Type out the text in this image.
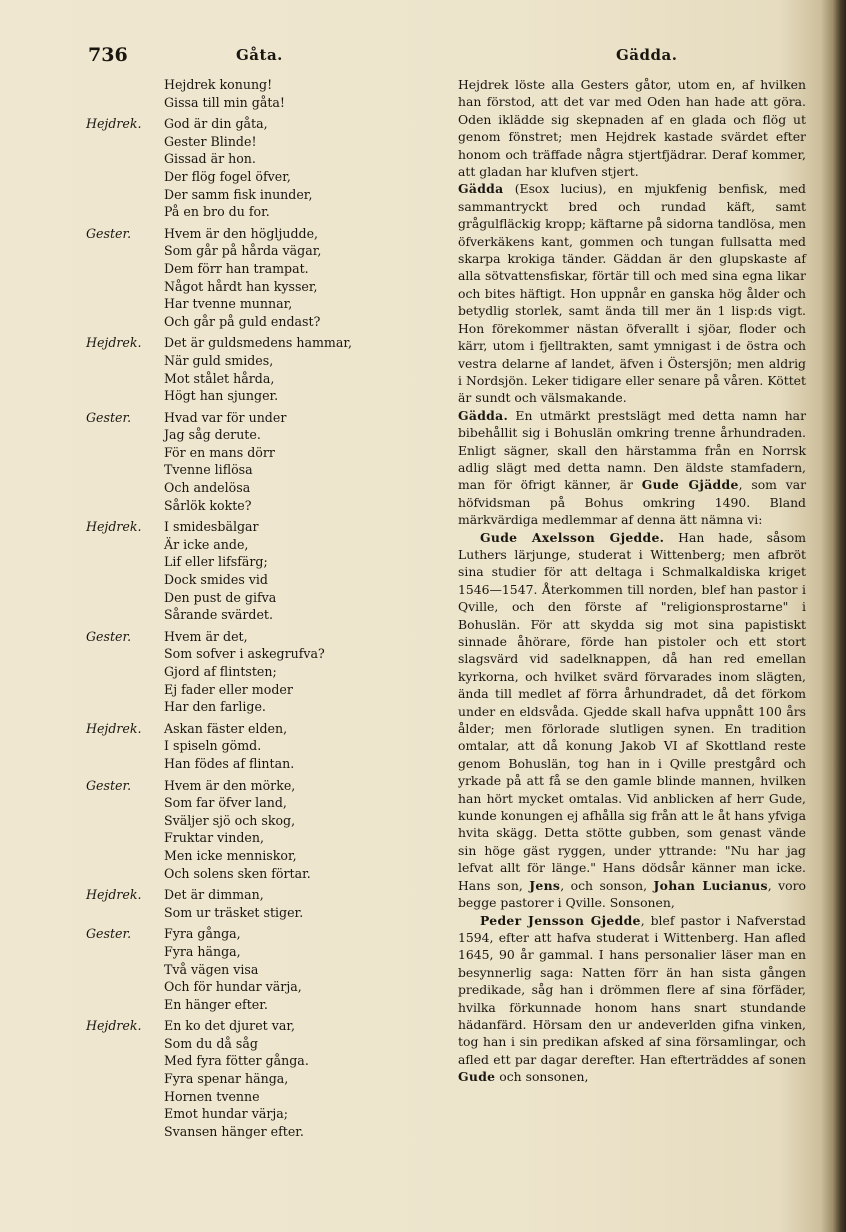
736	Gåta.	Gädda.
Hejdrek konung!
Gissa till min gåta!
Hejdrek.	God är din gåta,
Gester Blinde!
Gissad är hon.
Der flög fogel öfver,
Der samm fisk inunder,
På en bro du for.
Gester.	Hvem är den högljudde,
Som går på hårda vägar,
Dem förr han trampat.
Något hårdt han kysser,
Har tvenne munnar,
Och går på guld endast?
Hejdrek.	Det är guldsmedens hammar,
När guld smides,
Mot stålet hårda,
Högt han sjunger.
Gester.	Hvad var för under
Jag såg derute.
För en mans dörr
Tvenne liflösa
Och andelösa
Sårlök kokte?
Hejdrek.	I smidesbälgar
Är icke ande,
Lif eller lifsfärg;
Dock smides vid
Den pust de gifva
Sårande svärdet.
Gester.	Hvem är det,
Som sofver i askegrufva?
Gjord af flintsten;
Ej fader eller moder
Har den farlige.
Hejdrek.	Askan fäster elden,
I spiseln gömd.
Han födes af flintan.
Gester.	Hvem är den mörke,
Som far öfver land,
Sväljer sjö och skog,
Fruktar vinden,
Men icke menniskor,
Och solens sken förtar.
Hejdrek.	Det är dimman,
Som ur träsket stiger.
Gester.	Fyra gånga,
Fyra hänga,
Två vägen visa
Och för hundar värja,
En hänger efter.
Hejdrek.	En ko det djuret var,
Som du då såg
Med fyra fötter gånga.
Fyra spenar hänga,
Hornen tvenne
Emot hundar värja;
Svansen hänger efter.

Hejdrek löste alla Gesters gåtor, utom en, af hvilken han förstod, att det var med Oden han hade att göra. Oden iklädde sig skepnaden af en glada och flög ut genom fönstret; men Hejdrek kastade svärdet efter honom och träffade några stjertfjädrar. Deraf kommer, att gladan har klufven stjert.

Gädda (Esox lucius), en mjukfenig benfisk, med sammantryckt bred och rundad käft, samt grågulfläckig kropp; käftarne på sidorna tandlösa, men öfverkäkens kant, gommen och tungan fullsatta med skarpa krokiga tänder. Gäddan är den glupskaste af alla sötvattensfiskar, förtär till och med sina egna likar och bites häftigt. Hon uppnår en ganska hög ålder och betydlig storlek, samt ända till mer än 1 lisp:ds vigt. Hon förekommer nästan öfverallt i sjöar, floder och kärr, utom i fjelltrakten, samt ymnigast i de östra och vestra delarne af landet, äfven i Östersjön; men aldrig i Nordsjön. Leker tidigare eller senare på våren. Köttet är sundt och välsmakande.

Gädda. En utmärkt prestslägt med detta namn har bibehållit sig i Bohuslän omkring trenne århundraden. Enligt sägner, skall den härstamma från en Norrsk adlig slägt med detta namn. Den äldste stamfadern, man för öfrigt känner, är Gude Gjädde, som var höfvidsman på Bohus omkring 1490. Bland märkvärdiga medlemmar af denna ätt nämna vi:

Gude Axelsson Gjedde. Han hade, såsom Luthers lärjunge, studerat i Wittenberg; men afbröt sina studier för att deltaga i Schmalkaldiska kriget 1546—1547. Återkommen till norden, blef han pastor i Qville, och den förste af "religionsprostarne" i Bohuslän. För att skydda sig mot sina papistiskt sinnade åhörare, förde han pistoler och ett stort slagsvärd vid sadelknappen, då han red emellan kyrkorna, och hvilket svärd förvarades inom slägten, ända till medlet af förra århundradet, då det förkom under en eldsvåda. Gjedde skall hafva uppnått 100 års ålder; men förlorade slutligen synen. En tradition omtalar, att då konung Jakob VI af Skottland reste genom Bohuslän, tog han in i Qville prestgård och yrkade på att få se den gamle blinde mannen, hvilken han hört mycket omtalas. Vid anblicken af herr Gude, kunde konungen ej afhålla sig från att le åt hans yfviga hvita skägg. Detta stötte gubben, som genast vände sin höge gäst ryggen, under yttrande: "Nu har jag lefvat allt för länge." Hans dödsår känner man icke. Hans son, Jens, och sonson, Johan Lucianus, voro begge pastorer i Qville. Sonsonen,

Peder Jensson Gjedde, blef pastor i Nafverstad 1594, efter att hafva studerat i Wittenberg. Han afled 1645, 90 år gammal. I hans personalier läser man en besynnerlig saga: Natten förr än han sista gången predikade, såg han i drömmen flere af sina förfäder, hvilka förkunnade honom hans snart stundande hädanfärd. Hörsam den ur andeverlden gifna vinken, tog han i sin predikan afsked af sina församlingar, och afled ett par dagar derefter. Han efterträddes af sonen Gude och sonsonen,
